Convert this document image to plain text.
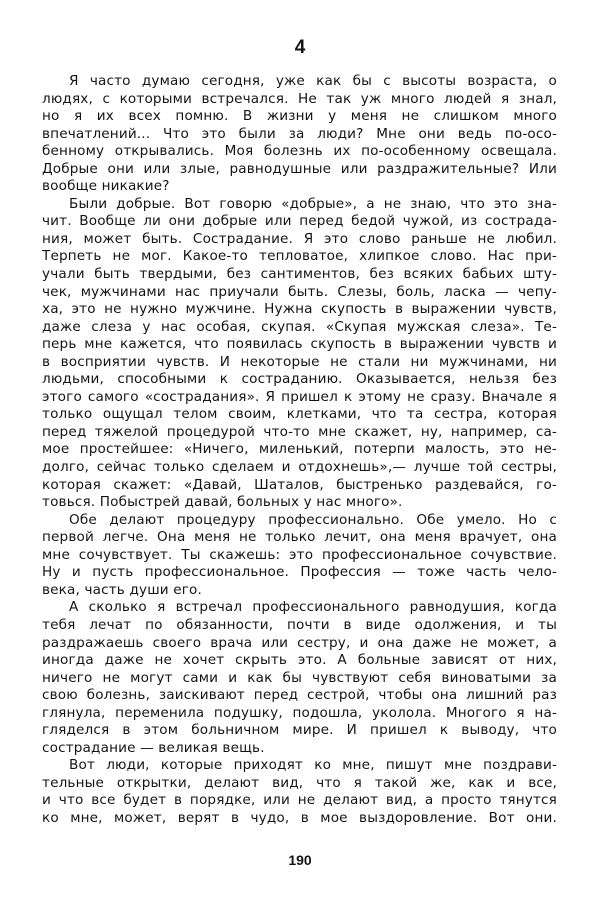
4
Я часто думаю сегодня, уже как бы с высоты возраста, о
людях, с которыми встречался. Не так уж много людей я знал,
но я их всех помню. В жизни у меня не слишком много
впечатлений... Что это были за люди? Мне они ведь по-осо-
бенному открывались. Моя болезнь их по-особенному освещала.
Добрые они или злые, равнодушные или раздражительные? Или
вообще никакие?
Были добрые. Вот говорю «добрые», а не знаю, что это зна-
чит. Вообще ли они добрые или перед бедой чужой, из сострада-
ния, может быть. Сострадание. Я это слово раньше не любил.
Терпеть не мог. Какое-то тепловатое, хлипкое слово. Нас при-
учали быть твердыми, без сантиментов, без всяких бабьих шту-
чек, мужчинами нас приучали быть. Слезы, боль, ласка — чепу-
ха, это не нужно мужчине. Нужна скупость в выражении чувств,
даже слеза у нас особая, скупая. «Скупая мужская слеза». Те-
перь мне кажется, что появилась скупость в выражении чувств и
в восприятии чувств. И некоторые не стали ни мужчинами, ни
людьми, способными к состраданию. Оказывается, нельзя без
этого самого «сострадания». Я пришел к этому не сразу. Вначале я
только ощущал телом своим, клетками, что та сестра, которая
перед тяжелой процедурой что-то мне скажет, ну, например, са-
мое простейшее: «Ничего, миленький, потерпи малость, это не-
долго, сейчас только сделаем и отдохнешь»,— лучше той сестры,
которая скажет: «Давай, Шаталов, быстренько раздевайся, го-
товься. Побыстрей давай, больных у нас много».
Обе делают процедуру профессионально. Обе умело. Но с
первой легче. Она меня не только лечит, она меня врачует, она
мне сочувствует. Ты скажешь: это профессиональное сочувствие.
Ну и пусть профессиональное. Профессия — тоже часть чело-
века, часть души его.
А сколько я встречал профессионального равнодушия, когда
тебя лечат по обязанности, почти в виде одолжения, и ты
раздражаешь своего врача или сестру, и она даже не может, а
иногда даже не хочет скрыть это. А больные зависят от них,
ничего не могут сами и как бы чувствуют себя виноватыми за
свою болезнь, заискивают перед сестрой, чтобы она лишний раз
глянула, переменила подушку, подошла, уколола. Многого я на-
гляделся в этом больничном мире. И пришел к выводу, что
сострадание — великая вещь.
Вот люди, которые приходят ко мне, пишут мне поздрави-
тельные открытки, делают вид, что я такой же, как и все,
и что все будет в порядке, или не делают вид, а просто тянутся
ко мне, может, верят в чудо, в мое выздоровление. Вот они.
190
